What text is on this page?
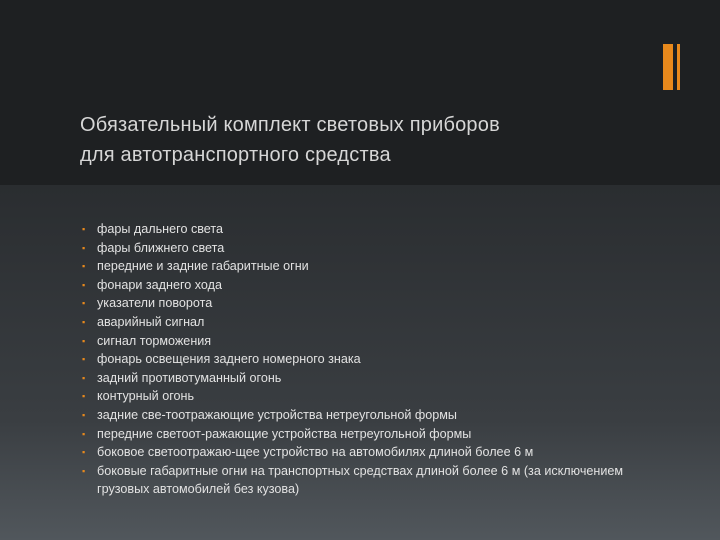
Обязательный комплект световых приборов
для автотранспортного средства
▪ фары дальнего света
▪ фары ближнего света
▪ передние и задние габаритные огни
▪ фонари заднего хода
▪ указатели поворота
▪ аварийный сигнал
▪ сигнал торможения
▪ фонарь освещения заднего номерного знака
▪ задний противотуманный огонь
▪ контурный огонь
▪ задние све-тоотражающие устройства нетреугольной формы
▪ передние светоот-ражающие устройства нетреугольной формы
▪ боковое светоотражаю-щее устройство на автомобилях длиной более 6 м
▪ боковые габаритные огни на транспортных средствах длиной более 6 м (за исключением грузовых автомобилей без кузова)
